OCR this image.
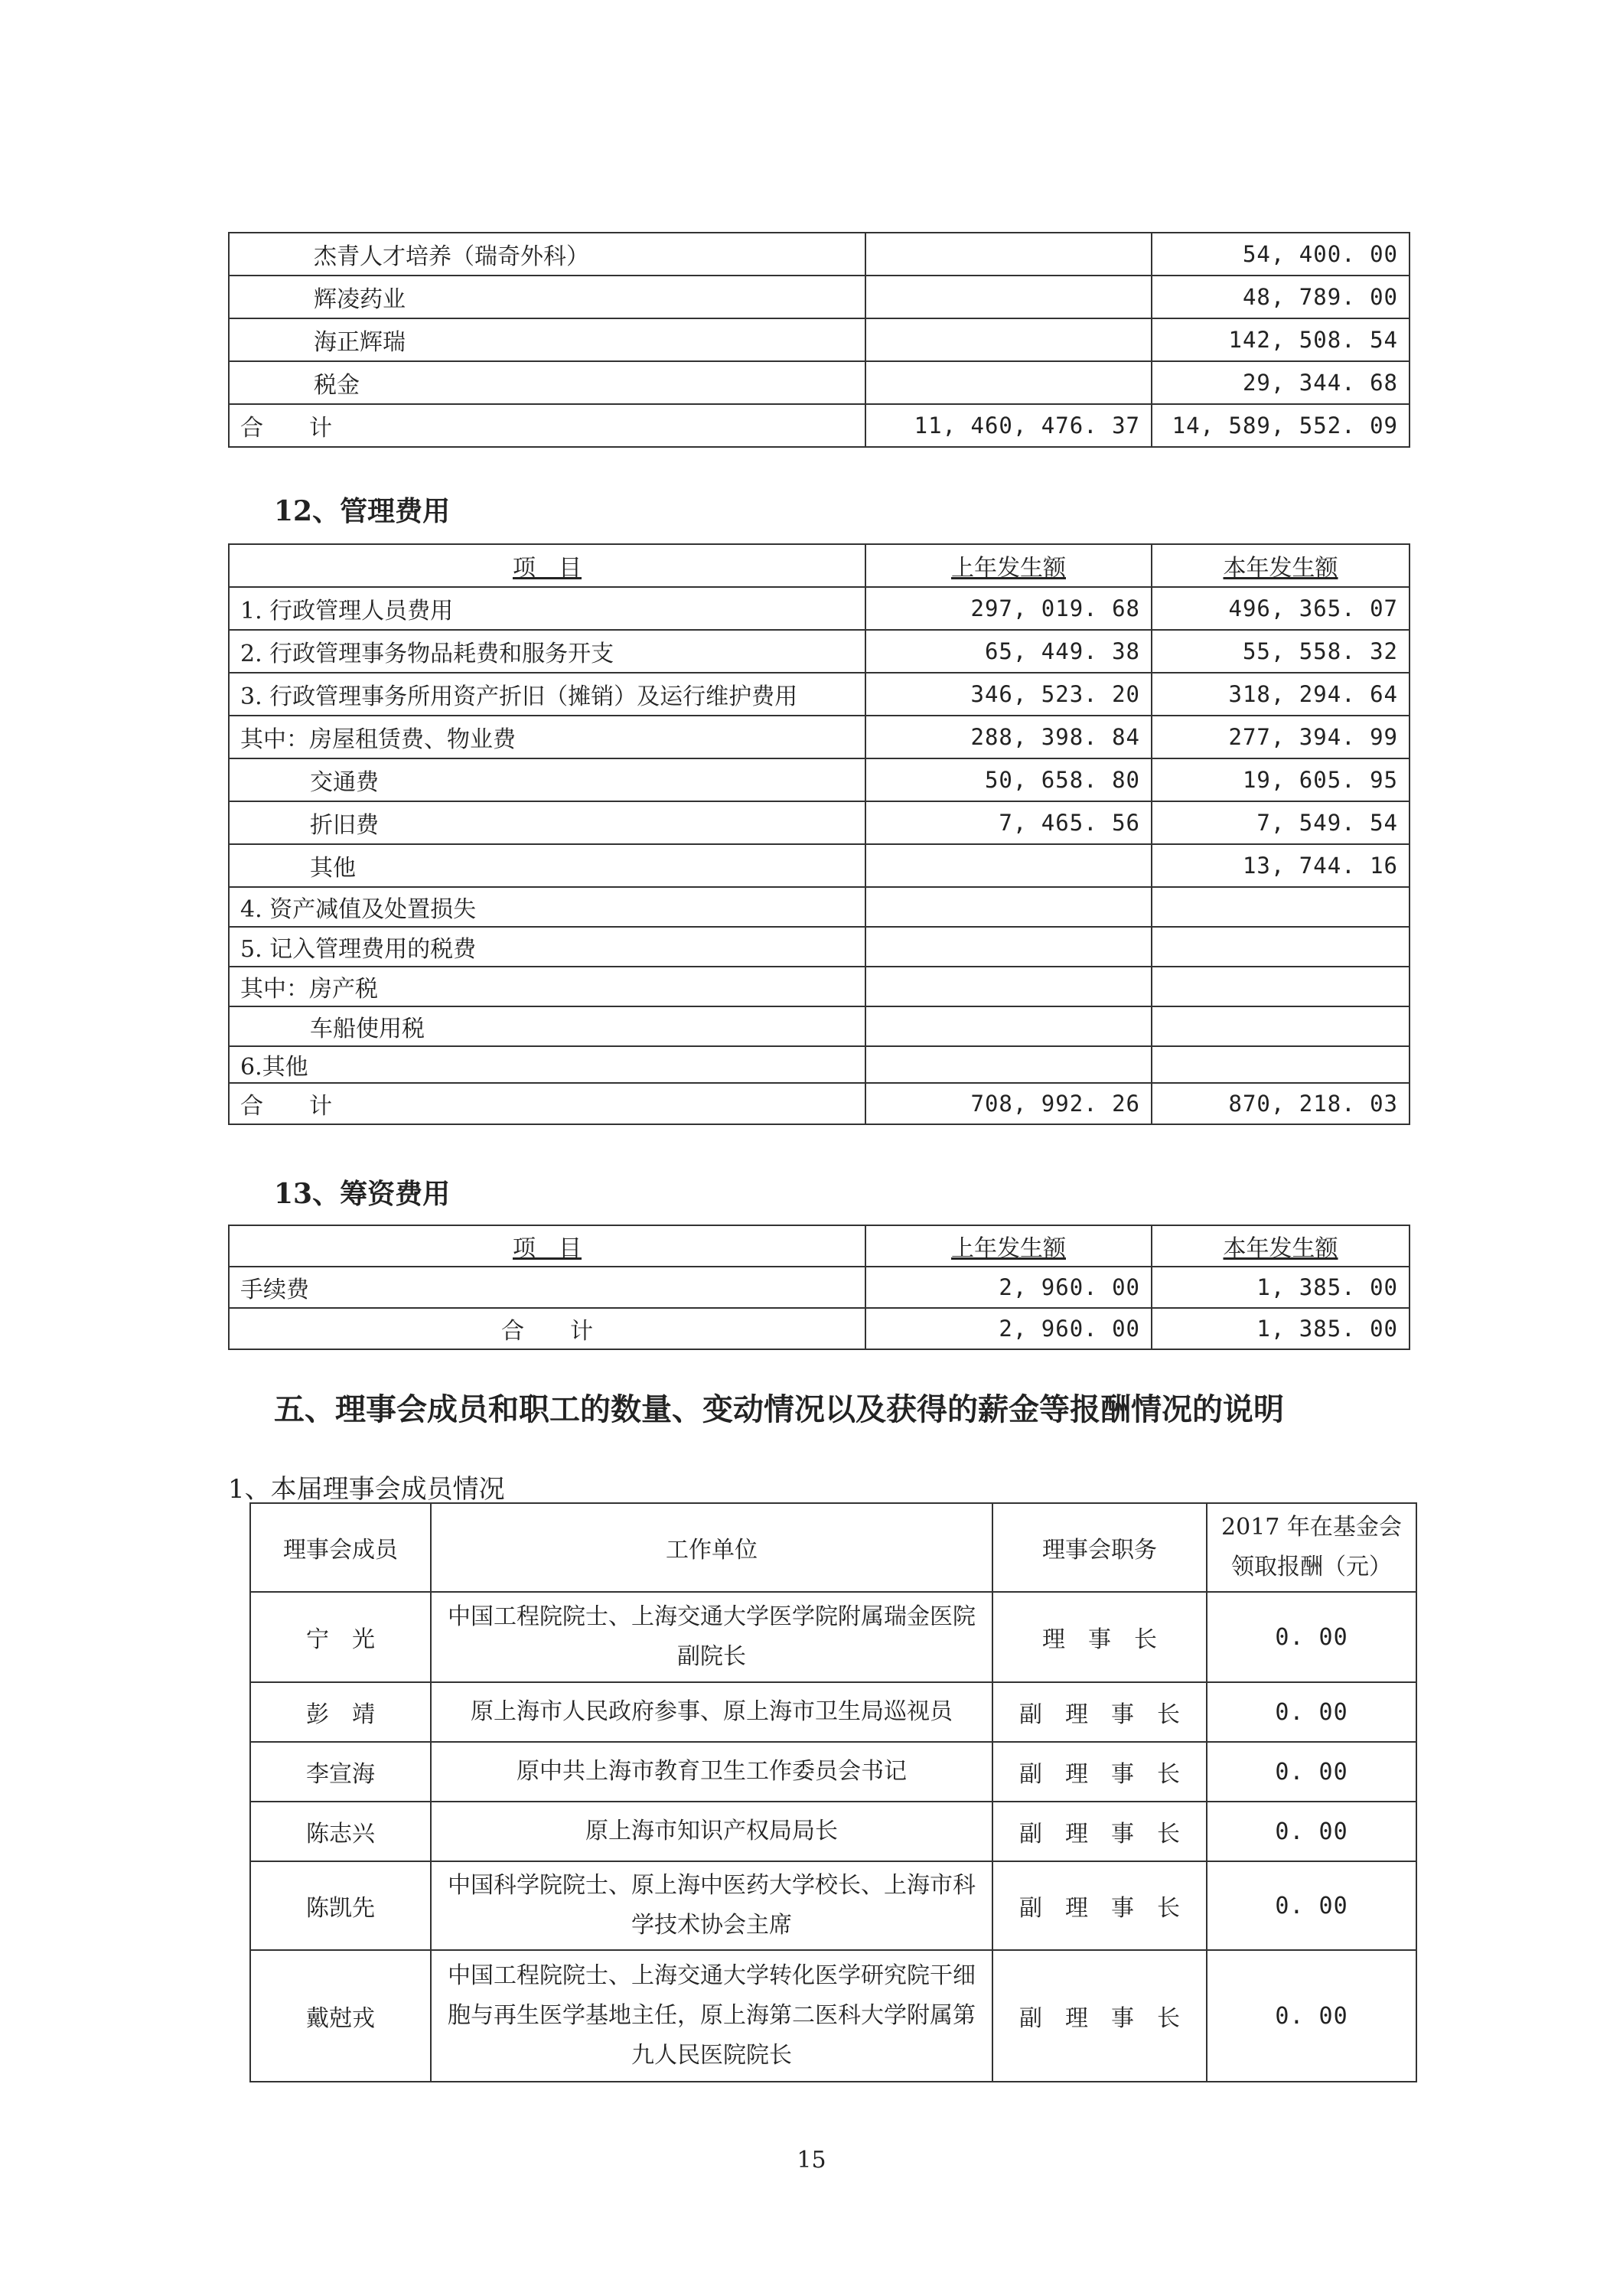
杰青人才培养（瑞奇外科）		54, 400. 00
辉凌药业		48, 789. 00
海正辉瑞		142, 508. 54
税金		29, 344. 68
合　　计	11, 460, 476. 37	14, 589, 552. 09
12、管理费用
项　目	上年发生额	本年发生额
1. 行政管理人员费用	297, 019. 68	496, 365. 07
2. 行政管理事务物品耗费和服务开支	65, 449. 38	55, 558. 32
3. 行政管理事务所用资产折旧（摊销）及运行维护费用	346, 523. 20	318, 294. 64
其中：房屋租赁费、物业费	288, 398. 84	277, 394. 99
交通费	50, 658. 80	19, 605. 95
折旧费	7, 465. 56	7, 549. 54
其他		13, 744. 16
4. 资产减值及处置损失		
5. 记入管理费用的税费		
其中：房产税		
车船使用税		
6.其他		
合　　计	708, 992. 26	870, 218. 03
13、筹资费用
项　目	上年发生额	本年发生额
手续费	2, 960. 00	1, 385. 00
合　　计	2, 960. 00	1, 385. 00
五、理事会成员和职工的数量、变动情况以及获得的薪金等报酬情况的说明
1、本届理事会成员情况
理事会成员	工作单位	理事会职务	2017 年在基金会领取报酬（元）
宁　光	中国工程院院士、上海交通大学医学院附属瑞金医院副院长	理　事　长	0. 00
彭　靖	原上海市人民政府参事、原上海市卫生局巡视员	副　理　事　长	0. 00
李宣海	原中共上海市教育卫生工作委员会书记	副　理　事　长	0. 00
陈志兴	原上海市知识产权局局长	副　理　事　长	0. 00
陈凯先	中国科学院院士、原上海中医药大学校长、上海市科学技术协会主席	副　理　事　长	0. 00
戴尅戎	中国工程院院士、上海交通大学转化医学研究院干细胞与再生医学基地主任，原上海第二医科大学附属第九人民医院院长	副　理　事　长	0. 00
15
